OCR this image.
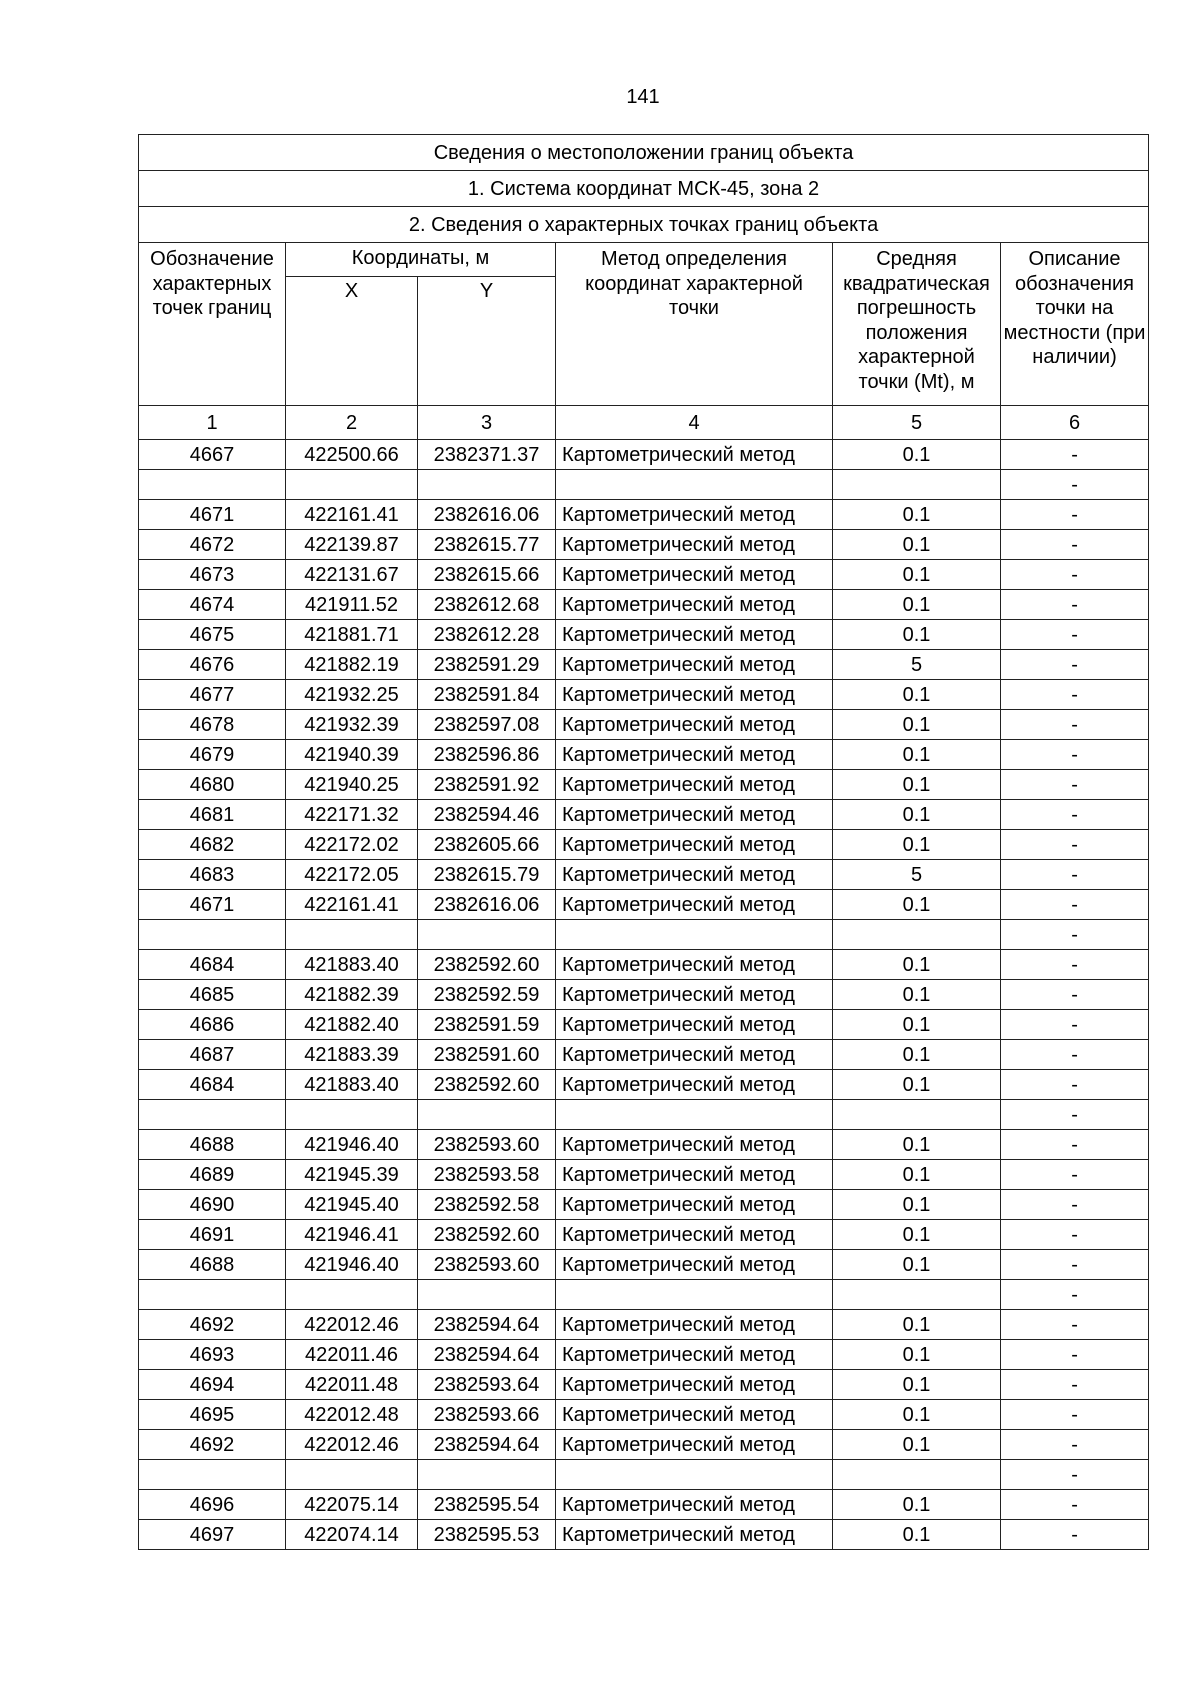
141
Сведения о местоположении границ объекта					
1. Система координат МСК-45, зона 2					
2. Сведения о характерных точках границ объекта					
Обозначение характерных точек границ	Координаты, м		Метод определения координат характерной точки	Средняя квадратическая погрешность положения характерной точки (Mt), м	Описание обозначения точки на местности (при наличии)
	X	Y			
1	2	3	4	5	6
4667	422500.66	2382371.37	Картометрический метод	0.1	-
					-
4671	422161.41	2382616.06	Картометрический метод	0.1	-
4672	422139.87	2382615.77	Картометрический метод	0.1	-
4673	422131.67	2382615.66	Картометрический метод	0.1	-
4674	421911.52	2382612.68	Картометрический метод	0.1	-
4675	421881.71	2382612.28	Картометрический метод	0.1	-
4676	421882.19	2382591.29	Картометрический метод	5	-
4677	421932.25	2382591.84	Картометрический метод	0.1	-
4678	421932.39	2382597.08	Картометрический метод	0.1	-
4679	421940.39	2382596.86	Картометрический метод	0.1	-
4680	421940.25	2382591.92	Картометрический метод	0.1	-
4681	422171.32	2382594.46	Картометрический метод	0.1	-
4682	422172.02	2382605.66	Картометрический метод	0.1	-
4683	422172.05	2382615.79	Картометрический метод	5	-
4671	422161.41	2382616.06	Картометрический метод	0.1	-
					-
4684	421883.40	2382592.60	Картометрический метод	0.1	-
4685	421882.39	2382592.59	Картометрический метод	0.1	-
4686	421882.40	2382591.59	Картометрический метод	0.1	-
4687	421883.39	2382591.60	Картометрический метод	0.1	-
4684	421883.40	2382592.60	Картометрический метод	0.1	-
					-
4688	421946.40	2382593.60	Картометрический метод	0.1	-
4689	421945.39	2382593.58	Картометрический метод	0.1	-
4690	421945.40	2382592.58	Картометрический метод	0.1	-
4691	421946.41	2382592.60	Картометрический метод	0.1	-
4688	421946.40	2382593.60	Картометрический метод	0.1	-
					-
4692	422012.46	2382594.64	Картометрический метод	0.1	-
4693	422011.46	2382594.64	Картометрический метод	0.1	-
4694	422011.48	2382593.64	Картометрический метод	0.1	-
4695	422012.48	2382593.66	Картометрический метод	0.1	-
4692	422012.46	2382594.64	Картометрический метод	0.1	-
					-
4696	422075.14	2382595.54	Картометрический метод	0.1	-
4697	422074.14	2382595.53	Картометрический метод	0.1	-
